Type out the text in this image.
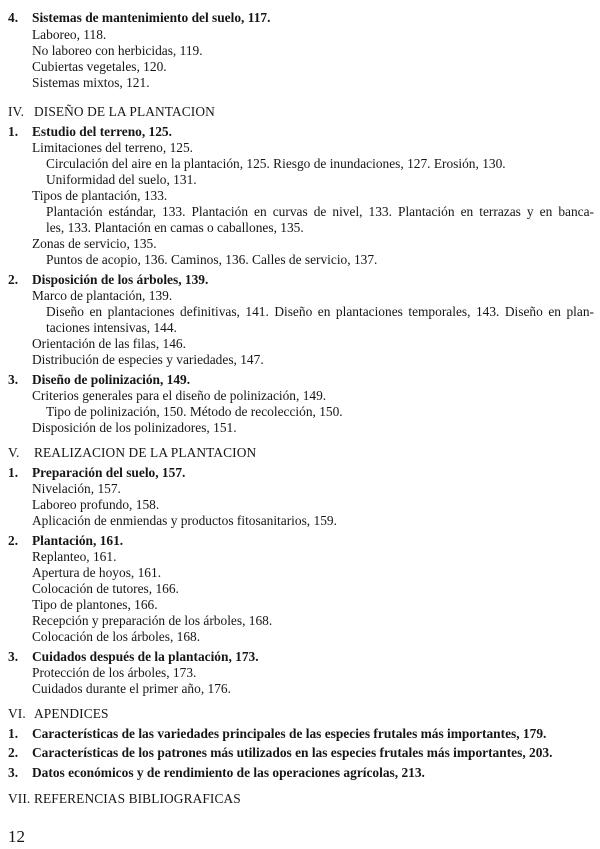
4. Sistemas de mantenimiento del suelo, 117.
Laboreo, 118.
No laboreo con herbicidas, 119.
Cubiertas vegetales, 120.
Sistemas mixtos, 121.
IV. DISEÑO DE LA PLANTACION
1. Estudio del terreno, 125.
Limitaciones del terreno, 125.
Circulación del aire en la plantación, 125. Riesgo de inundaciones, 127. Erosión, 130.
Uniformidad del suelo, 131.
Tipos de plantación, 133.
Plantación estándar, 133. Plantación en curvas de nivel, 133. Plantación en terrazas y en banca-
les, 133. Plantación en camas o caballones, 135.
Zonas de servicio, 135.
Puntos de acopio, 136. Caminos, 136. Calles de servicio, 137.
2. Disposición de los árboles, 139.
Marco de plantación, 139.
Diseño en plantaciones definitivas, 141. Diseño en plantaciones temporales, 143. Diseño en plan-
taciones intensivas, 144.
Orientación de las filas, 146.
Distribución de especies y variedades, 147.
3. Diseño de polinización, 149.
Criterios generales para el diseño de polinización, 149.
Tipo de polinización, 150. Método de recolección, 150.
Disposición de los polinizadores, 151.
V. REALIZACION DE LA PLANTACION
1. Preparación del suelo, 157.
Nivelación, 157.
Laboreo profundo, 158.
Aplicación de enmiendas y productos fitosanitarios, 159.
2. Plantación, 161.
Replanteo, 161.
Apertura de hoyos, 161.
Colocación de tutores, 166.
Tipo de plantones, 166.
Recepción y preparación de los árboles, 168.
Colocación de los árboles, 168.
3. Cuidados después de la plantación, 173.
Protección de los árboles, 173.
Cuidados durante el primer año, 176.
VI. APENDICES
1. Características de las variedades principales de las especies frutales más importantes, 179.
2. Características de los patrones más utilizados en las especies frutales más importantes, 203.
3. Datos económicos y de rendimiento de las operaciones agrícolas, 213.
VII. REFERENCIAS BIBLIOGRAFICAS
12
